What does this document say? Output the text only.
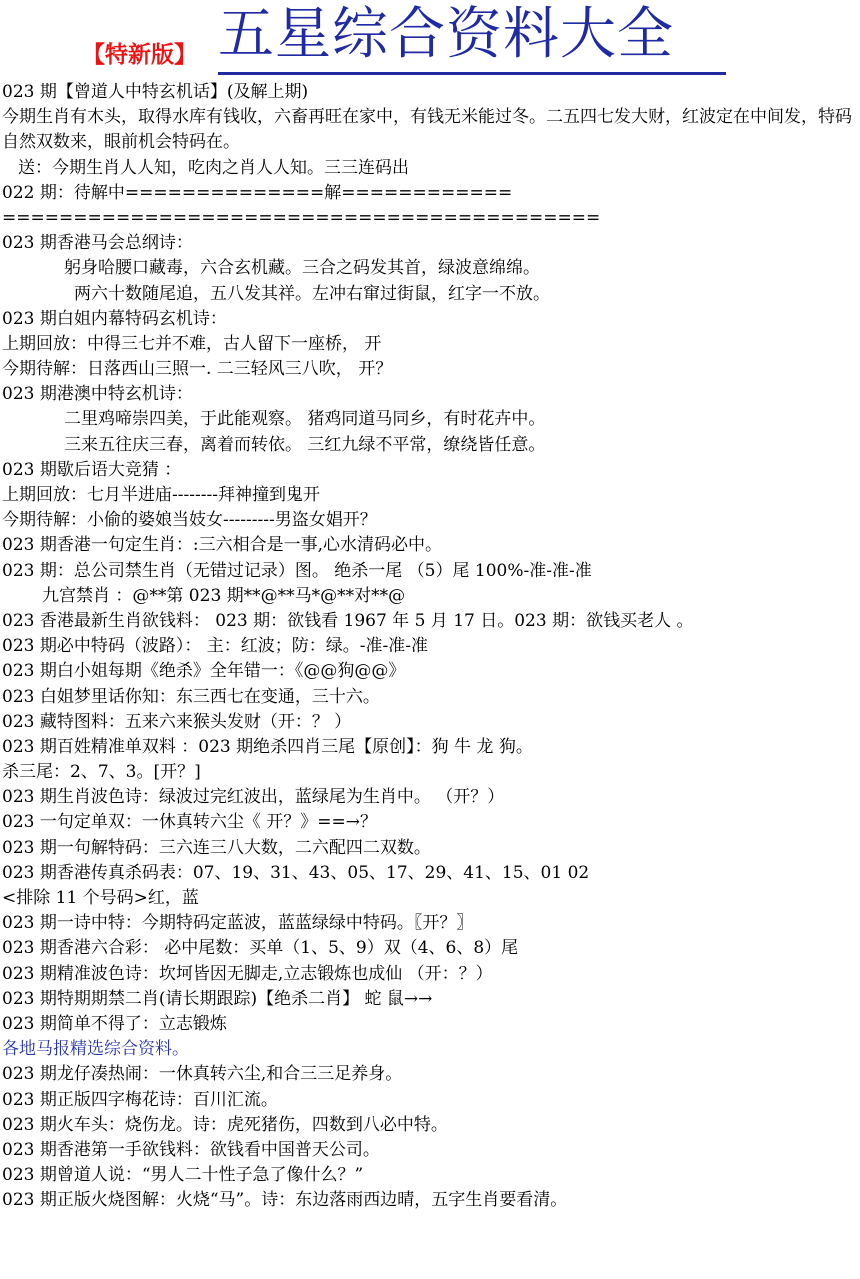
【特新版】 五星综合资料大全
023 期【曾道人中特玄机话】(及解上期)
今期生肖有木头，取得水库有钱收，六畜再旺在家中，有钱无米能过冬。二五四七发大财，红波定在中间发，特码自然双数来，眼前机会特码在。
送：今期生肖人人知，吃肉之肖人人知。三三连码出
022 期：待解中==============解============
==========================================
023 期香港马会总纲诗：
躬身哈腰口藏毒，六合玄机藏。三合之码发其首，绿波意绵绵。
两六十数随尾追，五八发其祥。左冲右窜过街鼠，红字一不放。
023 期白姐内幕特码玄机诗：
上期回放：中得三七并不难，古人留下一座桥， 开
今期待解：日落西山三照一. 二三轻风三八吹， 开？
023 期港澳中特玄机诗：
二里鸡啼崇四美，于此能观察。 猪鸡同道马同乡，有时花卉中。
三来五往庆三春，离着而转依。 三红九绿不平常，缭绕皆任意。
023 期歇后语大竞猜 ：
上期回放：七月半进庙--------拜神撞到鬼开
今期待解：小偷的婆娘当妓女---------男盗女娼开？
023 期香港一句定生肖：:三六相合是一事,心水清码必中。
023 期：总公司禁生肖（无错过记录）图。 绝杀一尾 （5）尾 100%-准-准-准
九宫禁肖 ：@**第 023 期**@**马*@**对**@
023 香港最新生肖欲钱料： 023 期：欲钱看 1967 年 5 月 17 日。023 期：欲钱买老人 。
023 期必中特码（波路）： 主：红波；防：绿。-准-准-准
023 期白小姐每期《绝杀》全年错一：《@@狗@@》
023 白姐梦里话你知：东三西七在变通，三十六。
023 藏特图料：五来六来猴头发财（开：？ ）
023 期百姓精准单双料 ：023 期绝杀四肖三尾【原创】：狗 牛 龙 狗。
杀三尾：2、7、3。[开？]
023 期生肖波色诗：绿波过完红波出，蓝绿尾为生肖中。 （开？）
023 一句定单双：一休真转六尘《 开？》==→？
023 期一句解特码：三六连三八大数，二六配四二双数。
023 期香港传真杀码表：07、19、31、43、05、17、29、41、15、01 02
<排除 11 个号码>红，蓝
023 期一诗中特：今期特码定蓝波，蓝蓝绿绿中特码。〖开？〗
023 期香港六合彩： 必中尾数：买单（1、5、9）双（4、6、8）尾
023 期精准波色诗：坎坷皆因无脚走,立志锻炼也成仙 （开：？）
023 期特期期禁二肖(请长期跟踪)【绝杀二肖】 蛇 鼠→→
023 期简单不得了：立志锻炼
各地马报精选综合资料。
023 期龙仔凑热闹：一休真转六尘,和合三三足养身。
023 期正版四字梅花诗：百川汇流。
023 期火车头：烧伤龙。诗：虎死猪伤，四数到八必中特。
023 期香港第一手欲钱料：欲钱看中国普天公司。
023 期曾道人说：“男人二十性子急了像什么？”
023 期正版火烧图解：火烧“马”。诗：东边落雨西边晴，五字生肖要看清。
